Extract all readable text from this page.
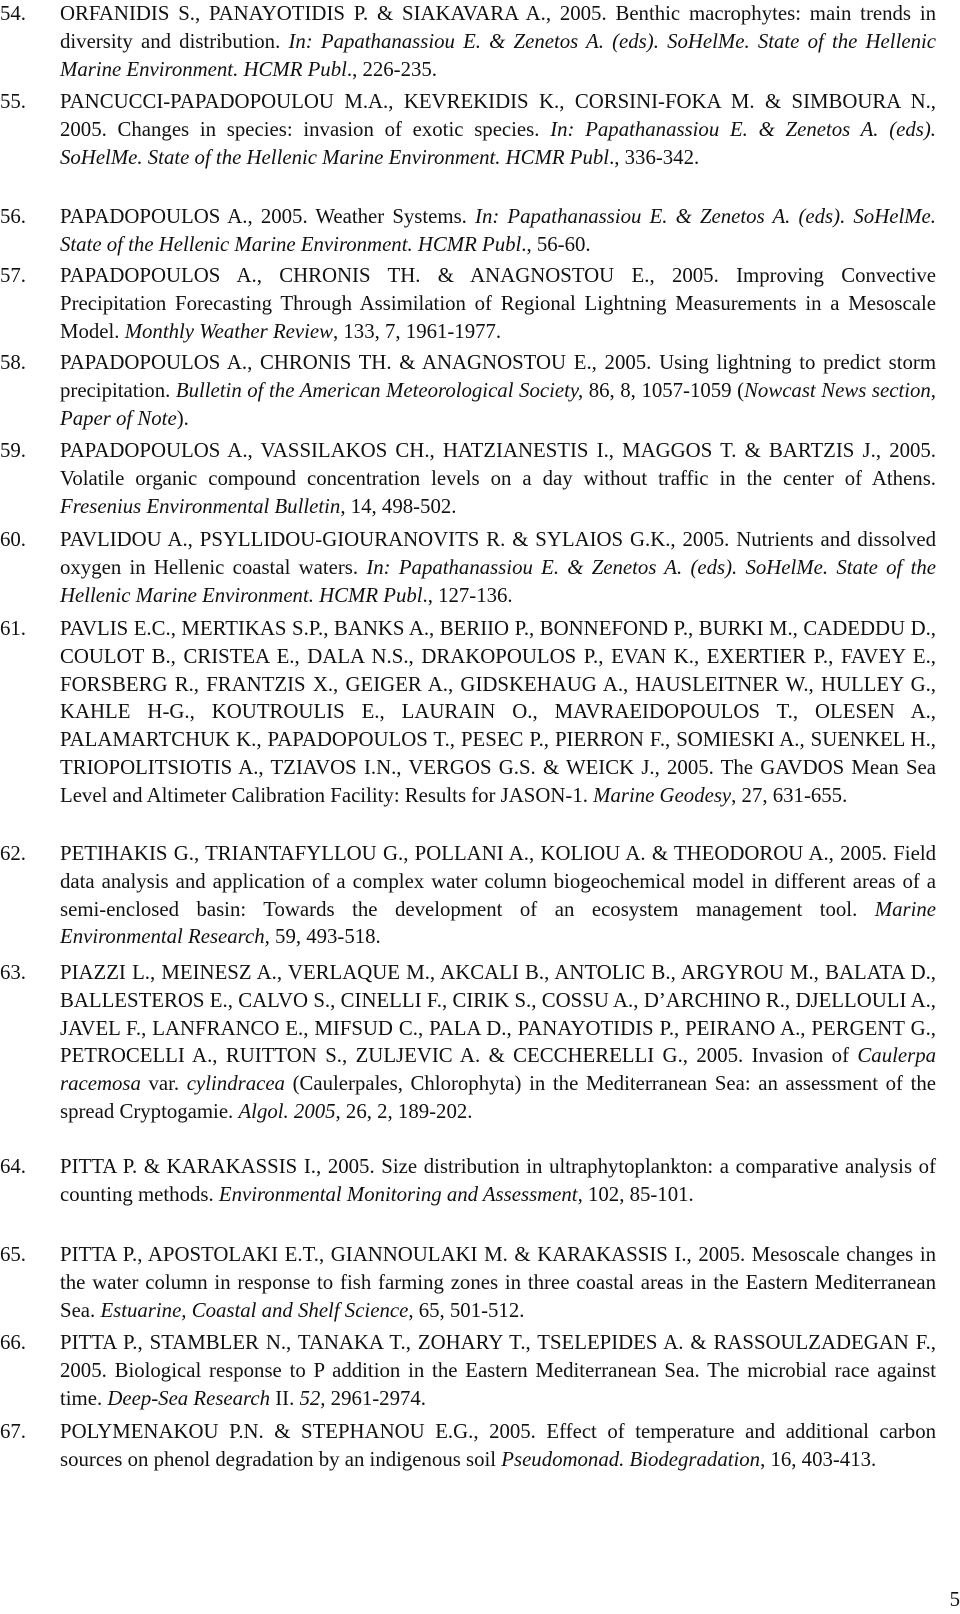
54.	ORFANIDIS S., PANAYOTIDIS P. & SIAKAVARA A., 2005. Benthic macrophytes: main trends in diversity and distribution. In: Papathanassiou E. & Zenetos A. (eds). SoHelMe. State of the Hellenic Marine Environment. HCMR Publ., 226-235.
55.	PANCUCCI-PAPADOPOULOU M.A., KEVREKIDIS K., CORSINI-FOKA M. & SIMBOURA N., 2005. Changes in species: invasion of exotic species. In: Papathanassiou E. & Zenetos A. (eds). SoHelMe. State of the Hellenic Marine Environment. HCMR Publ., 336-342.
56.	PAPADOPOULOS A., 2005. Weather Systems. In: Papathanassiou E. & Zenetos A. (eds). SoHelMe. State of the Hellenic Marine Environment. HCMR Publ., 56-60.
57.	PAPADOPOULOS A., CHRONIS TH. & ANAGNOSTOU E., 2005. Improving Convective Precipitation Forecasting Through Assimilation of Regional Lightning Measurements in a Mesoscale Model. Monthly Weather Review, 133, 7, 1961-1977.
58.	PAPADOPOULOS A., CHRONIS TH. & ANAGNOSTOU E., 2005. Using lightning to predict storm precipitation. Bulletin of the American Meteorological Society, 86, 8, 1057-1059 (Nowcast News section, Paper of Note).
59.	PAPADOPOULOS A., VASSILAKOS CH., HATZIANESTIS I., MAGGOS T. & BARTZIS J., 2005. Volatile organic compound concentration levels on a day without traffic in the center of Athens. Fresenius Environmental Bulletin, 14, 498-502.
60.	PAVLIDOU A., PSYLLIDOU-GIOURANOVITS R. & SYLAIOS G.K., 2005. Nutrients and dissolved oxygen in Hellenic coastal waters. In: Papathanassiou E. & Zenetos A. (eds). SoHelMe. State of the Hellenic Marine Environment. HCMR Publ., 127-136.
61.	PAVLIS E.C., MERTIKAS S.P., BANKS A., BERIIO P., BONNEFOND P., BURKI M., CADEDDU D., COULOT B., CRISTEA E., DALA N.S., DRAKOPOULOS P., EVAN K., EXERTIER P., FAVEY E., FORSBERG R., FRANTZIS X., GEIGER A., GIDSKEHAUG A., HAUSLEITNER W., HULLEY G., KAHLE H-G., KOUTROULIS E., LAURAIN O., MAVRAEIDOPOULOS T., OLESEN A., PALAMARTCHUK K., PAPADOPOULOS T., PESEC P., PIERRON F., SOMIESKI A., SUENKEL H., TRIOPOLITSIOTIS A., TZIAVOS I.N., VERGOS G.S. & WEICK J., 2005. The GAVDOS Mean Sea Level and Altimeter Calibration Facility: Results for JASON-1. Marine Geodesy, 27, 631-655.
62.	PETIHAKIS G., TRIANTAFYLLOU G., POLLANI A., KOLIOU A. & THEODOROU A., 2005. Field data analysis and application of a complex water column biogeochemical model in different areas of a semi-enclosed basin: Towards the development of an ecosystem management tool. Marine Environmental Research, 59, 493-518.
63.	PIAZZI L., MEINESZ A., VERLAQUE M., AKCALI B., ANTOLIC B., ARGYROU M., BALATA D., BALLESTEROS E., CALVO S., CINELLI F., CIRIK S., COSSU A., D’ARCHINO R., DJELLOULI A., JAVEL F., LANFRANCO E., MIFSUD C., PALA D., PANAYOTIDIS P., PEIRANO A., PERGENT G., PETROCELLI A., RUITTON S., ZULJEVIC A. & CECCHERELLI G., 2005. Invasion of Caulerpa racemosa var. cylindracea (Caulerpales, Chlorophyta) in the Mediterranean Sea: an assessment of the spread Cryptogamie. Algol. 2005, 26, 2, 189-202.
64.	PITTA P. & KARAKASSIS I., 2005. Size distribution in ultraphytoplankton: a comparative analysis of counting methods. Environmental Monitoring and Assessment, 102, 85-101.
65.	PITTA P., APOSTOLAKI E.T., GIANNOULAKI M. & KARAKASSIS I., 2005. Mesoscale changes in the water column in response to fish farming zones in three coastal areas in the Eastern Mediterranean Sea. Estuarine, Coastal and Shelf Science, 65, 501-512.
66.	PITTA P., STAMBLER N., TANAKA T., ZOHARY T., TSELEPIDES A. & RASSOULZADEGAN F., 2005. Biological response to P addition in the Eastern Mediterranean Sea. The microbial race against time. Deep-Sea Research II. 52, 2961-2974.
67.	POLYMENAKOU P.N. & STEPHANOU E.G., 2005. Effect of temperature and additional carbon sources on phenol degradation by an indigenous soil Pseudomonad. Biodegradation, 16, 403-413.
5
